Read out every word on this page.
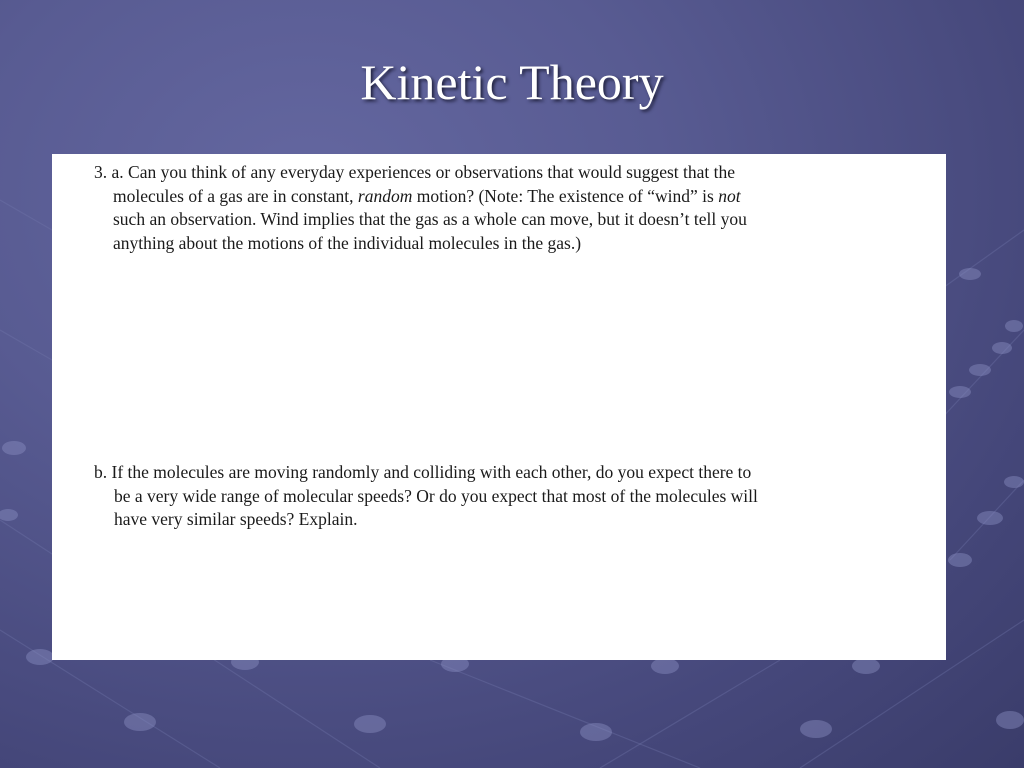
Kinetic Theory
3. a. Can you think of any everyday experiences or observations that would suggest that the
molecules of a gas are in constant, random motion? (Note: The existence of “wind” is not
such an observation. Wind implies that the gas as a whole can move, but it doesn’t tell you
anything about the motions of the individual molecules in the gas.)
b. If the molecules are moving randomly and colliding with each other, do you expect there to
be a very wide range of molecular speeds? Or do you expect that most of the molecules will
have very similar speeds? Explain.
